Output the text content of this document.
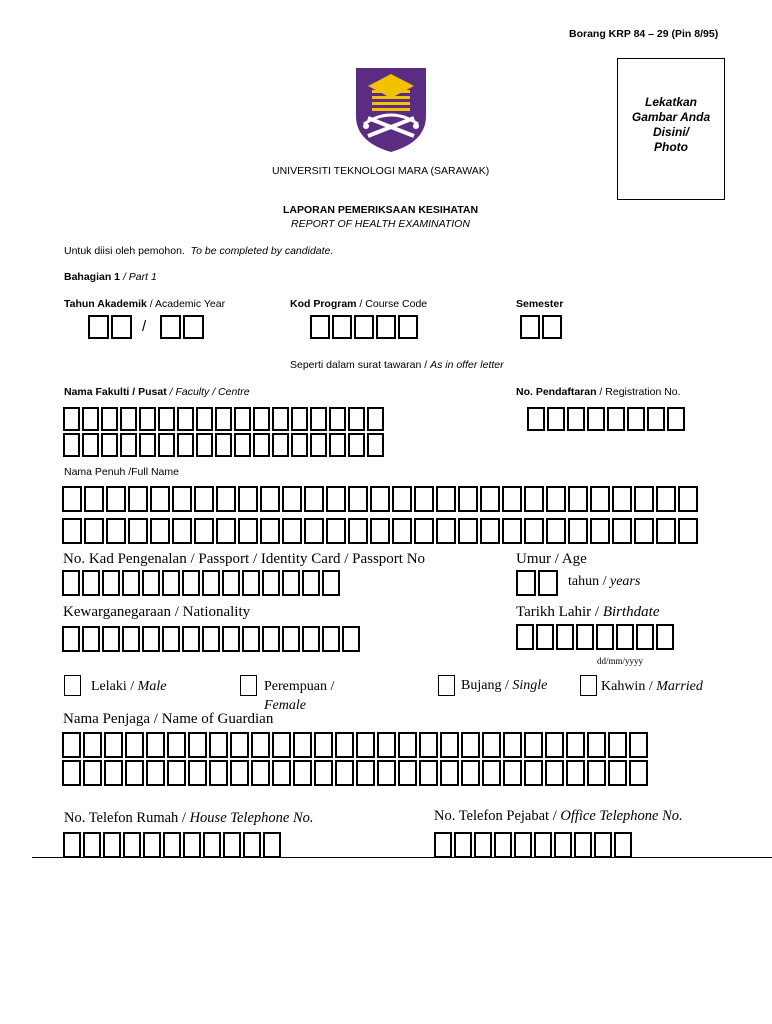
Borang KRP 84 – 29 (Pin 8/95)
Lekatkan
Gambar Anda
Disini/
Photo
UNIVERSITI TEKNOLOGI MARA (SARAWAK)
LAPORAN PEMERIKSAAN KESIHATAN
REPORT OF HEALTH EXAMINATION
Untuk diisi oleh pemohon. To be completed by candidate.
Bahagian 1 / Part 1
Tahun Akademik / Academic Year	Kod Program / Course Code	Semester
/
Seperti dalam surat tawaran / As in offer letter
Nama Fakulti / Pusat / Faculty / Centre	No. Pendaftaran / Registration No.
Nama Penuh /Full Name
No. Kad Pengenalan / Passport / Identity Card / Passport No	Umur / Age
tahun / years
Kewarganegaraan / Nationality	Tarikh Lahir / Birthdate
dd/mm/yyyy
Lelaki / Male	Perempuan /
Female
Bujang / Single	Kahwin / Married
Nama Penjaga / Name of Guardian
No. Telefon Rumah / House Telephone No.	No. Telefon Pejabat / Office Telephone No.
